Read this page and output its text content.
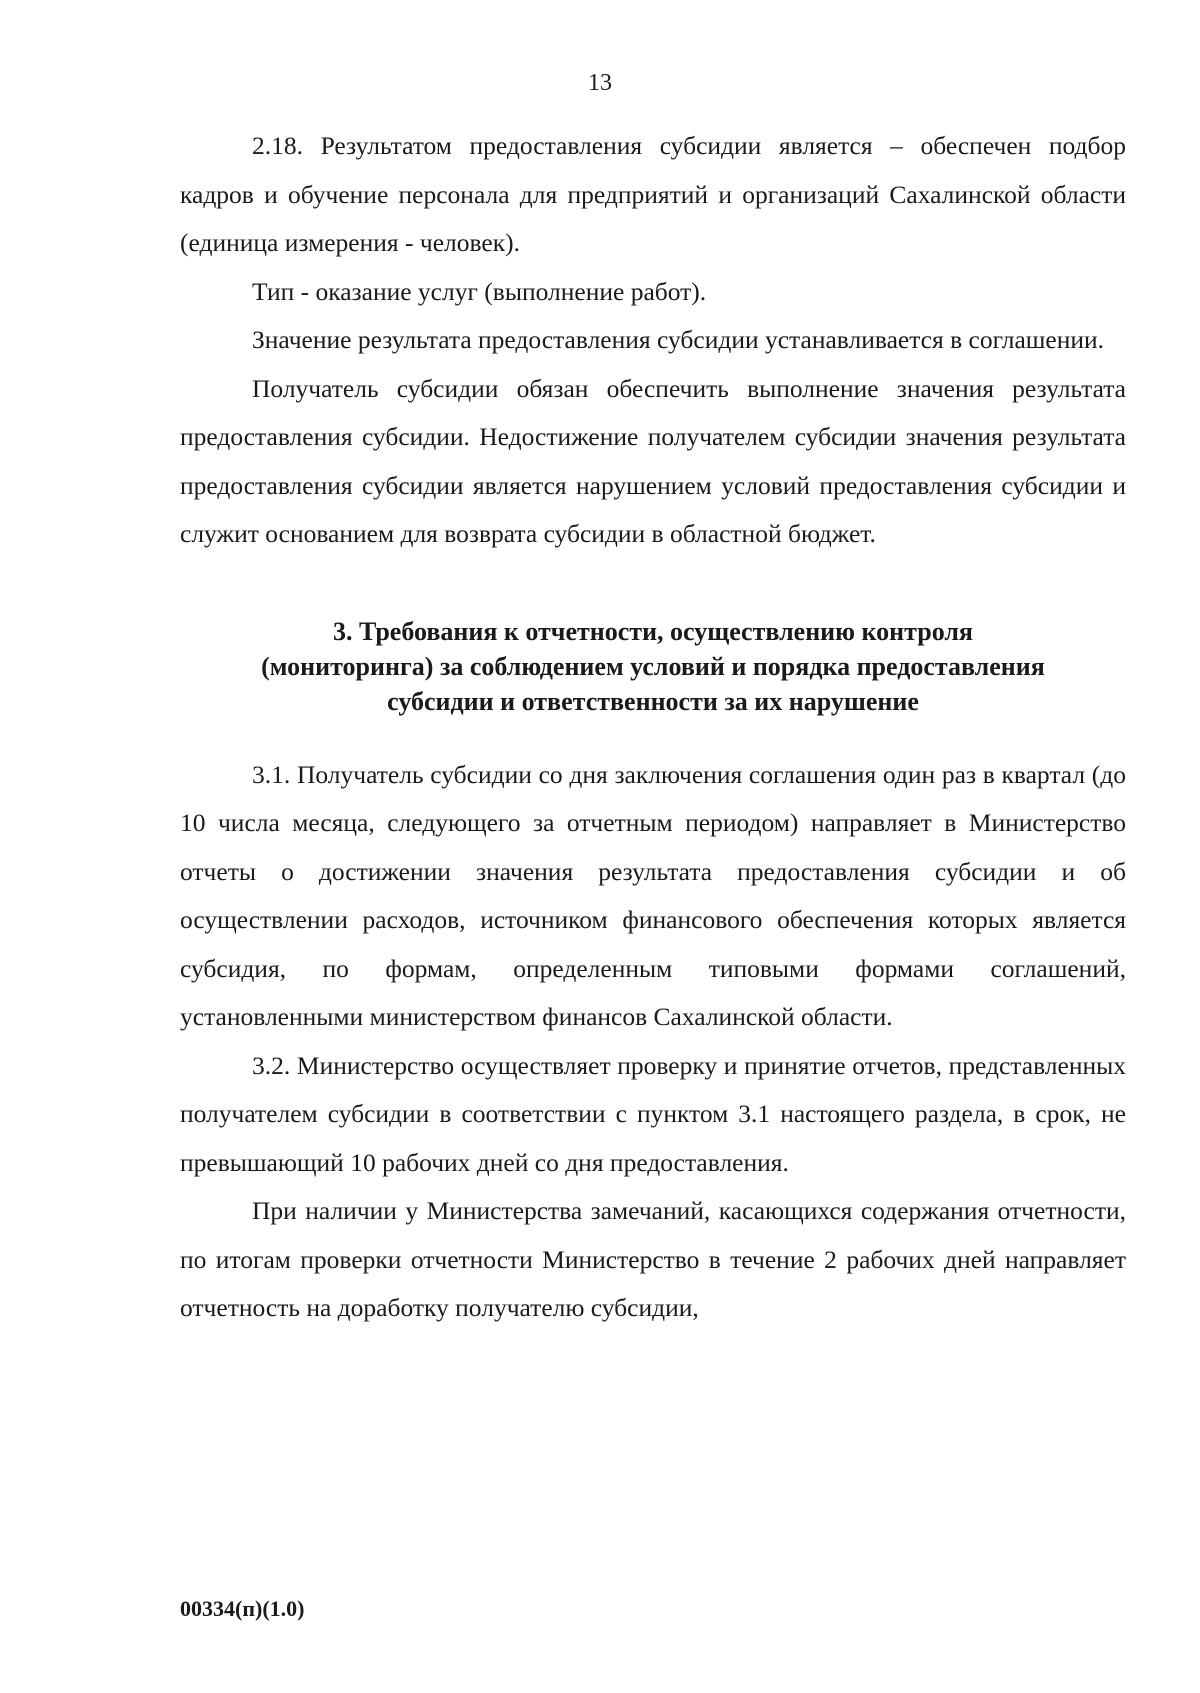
13

2.18. Результатом предоставления субсидии является – обеспечен подбор кадров и обучение персонала для предприятий и организаций Сахалинской области (единица измерения - человек).

Тип - оказание услуг (выполнение работ).

Значение результата предоставления субсидии устанавливается в соглашении.

Получатель субсидии обязан обеспечить выполнение значения результата предоставления субсидии. Недостижение получателем субсидии значения результата предоставления субсидии является нарушением условий предоставления субсидии и служит основанием для возврата субсидии в областной бюджет.

3. Требования к отчетности, осуществлению контроля
(мониторинга) за соблюдением условий и порядка предоставления
субсидии и ответственности за их нарушение

3.1. Получатель субсидии со дня заключения соглашения один раз в квартал (до 10 числа месяца, следующего за отчетным периодом) направляет в Министерство отчеты о достижении значения результата предоставления субсидии и об осуществлении расходов, источником финансового обеспечения которых является субсидия, по формам, определенным типовыми формами соглашений, установленными министерством финансов Сахалинской области.

3.2. Министерство осуществляет проверку и принятие отчетов, представленных получателем субсидии в соответствии с пунктом 3.1 настоящего раздела, в срок, не превышающий 10 рабочих дней со дня предоставления.

При наличии у Министерства замечаний, касающихся содержания отчетности, по итогам проверки отчетности Министерство в течение 2 рабочих дней направляет отчетность на доработку получателю субсидии,

00334(п)(1.0)
